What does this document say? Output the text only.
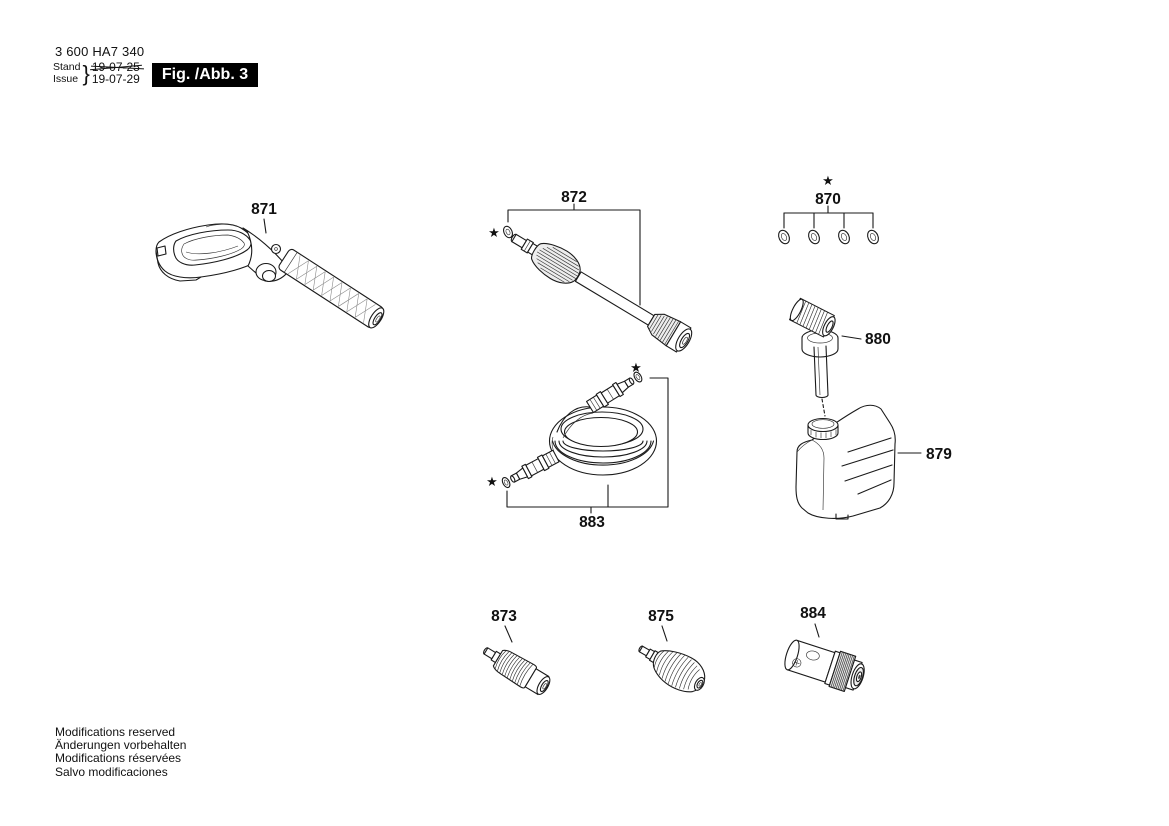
3 600 HA7 340
Stand
Issue } 19-07-25
19-07-29	Fig. /Abb. 3
871
872
★
★
870
880
879
883
★
★
873	875	884
Modifications reserved
Änderungen vorbehalten
Modifications réservées
Salvo modificaciones
